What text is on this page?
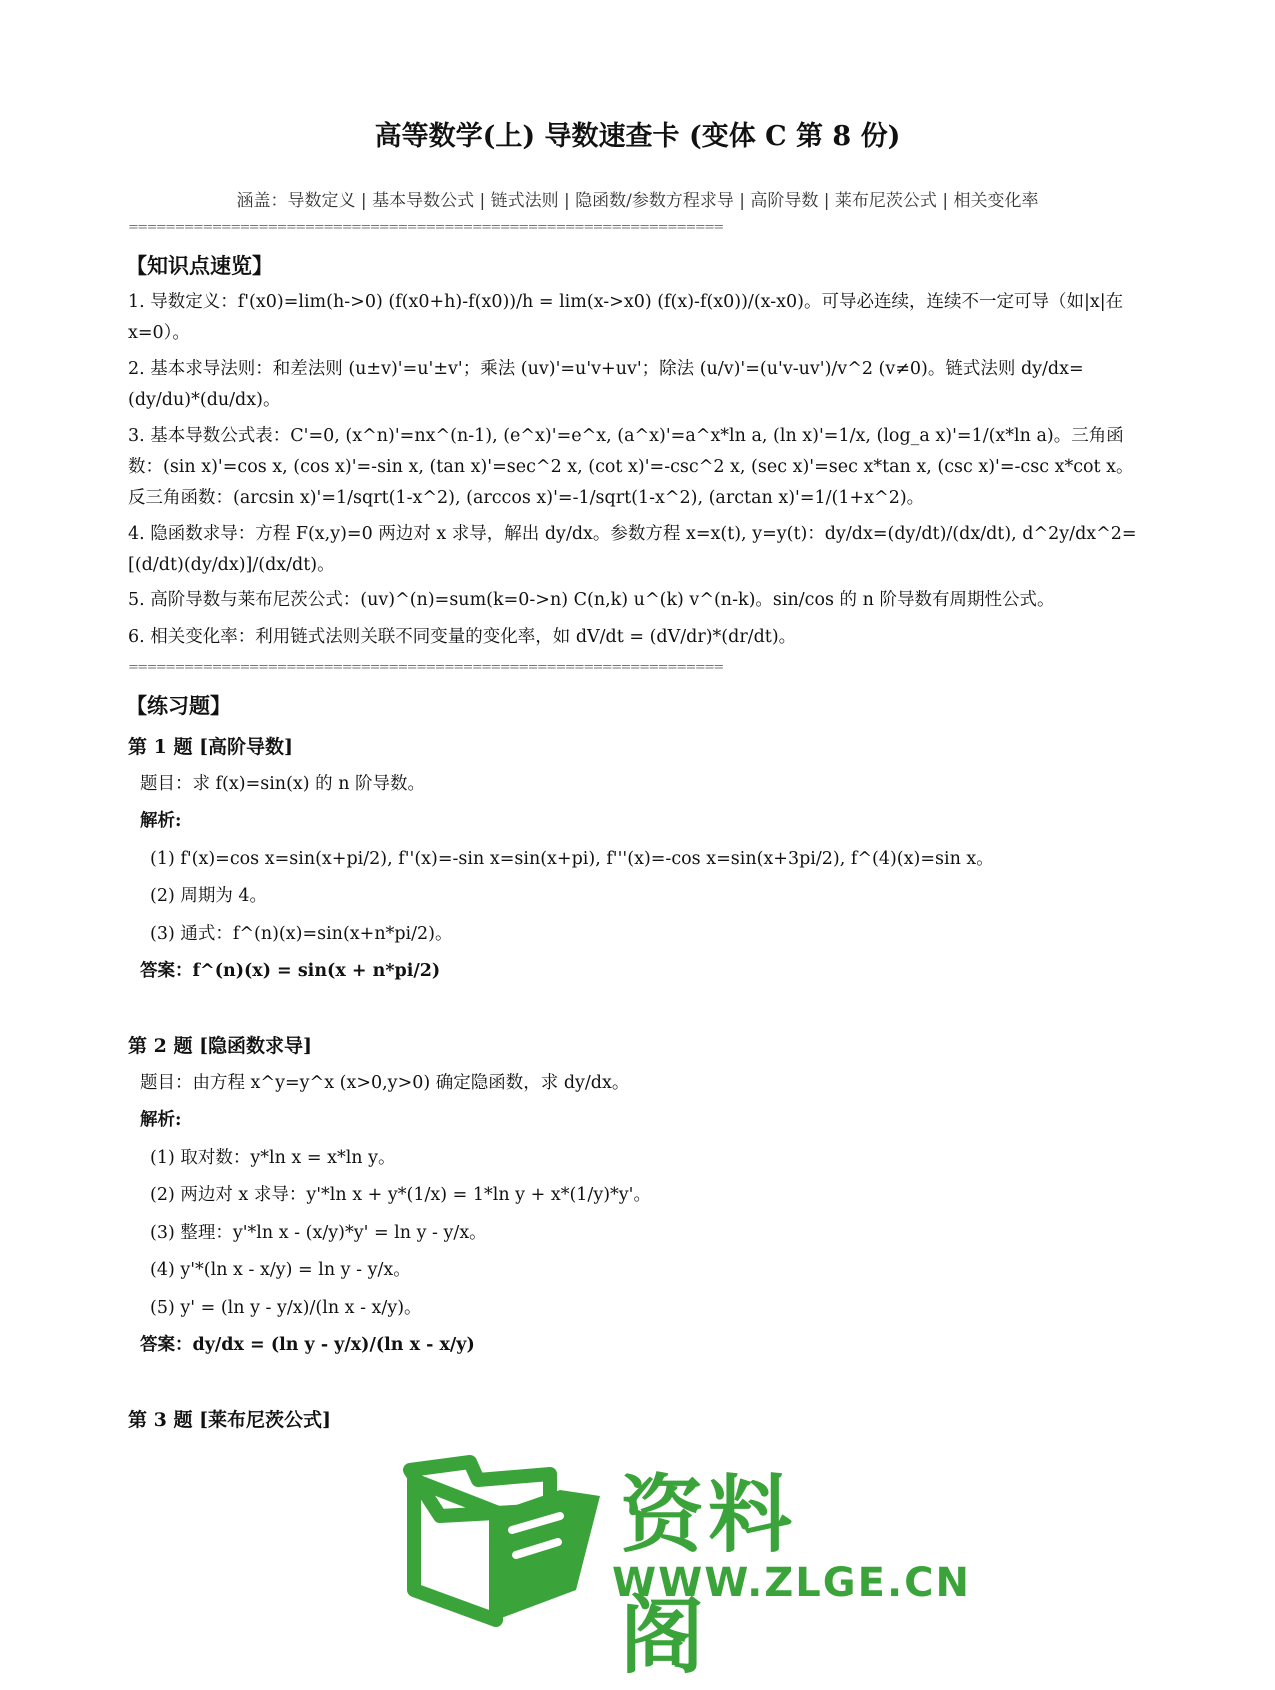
高等数学(上) 导数速查卡 (变体 C 第 8 份)

涵盖：导数定义 | 基本导数公式 | 链式法则 | 隐函数/参数方程求导 | 高阶导数 | 莱布尼茨公式 | 相关变化率

================================================================
【知识点速览】

1. 导数定义：f'(x0)=lim(h->0) (f(x0+h)-f(x0))/h = lim(x->x0) (f(x)-f(x0))/(x-x0)。可导必连续，连续不一定可导（如|x|在 x=0）。

2. 基本求导法则：和差法则 (u±v)'=u'±v'；乘法 (uv)'=u'v+uv'；除法 (u/v)'=(u'v-uv')/v^2 (v≠0)。链式法则 dy/dx=(dy/du)*(du/dx)。

3. 基本导数公式表：C'=0, (x^n)'=nx^(n-1), (e^x)'=e^x, (a^x)'=a^x*ln a, (ln x)'=1/x, (log_a x)'=1/(x*ln a)。三角函数：(sin x)'=cos x, (cos x)'=-sin x, (tan x)'=sec^2 x, (cot x)'=-csc^2 x, (sec x)'=sec x*tan x, (csc x)'=-csc x*cot x。反三角函数：(arcsin x)'=1/sqrt(1-x^2), (arccos x)'=-1/sqrt(1-x^2), (arctan x)'=1/(1+x^2)。

4. 隐函数求导：方程 F(x,y)=0 两边对 x 求导，解出 dy/dx。参数方程 x=x(t), y=y(t)：dy/dx=(dy/dt)/(dx/dt), d^2y/dx^2=[(d/dt)(dy/dx)]/(dx/dt)。

5. 高阶导数与莱布尼茨公式：(uv)^(n)=sum(k=0->n) C(n,k) u^(k) v^(n-k)。sin/cos 的 n 阶导数有周期性公式。

6. 相关变化率：利用链式法则关联不同变量的变化率，如 dV/dt = (dV/dr)*(dr/dt)。

================================================================
【练习题】
第 1 题 [高阶导数]

题目：求 f(x)=sin(x) 的 n 阶导数。

解析:

(1) f'(x)=cos x=sin(x+pi/2), f''(x)=-sin x=sin(x+pi), f'''(x)=-cos x=sin(x+3pi/2), f^(4)(x)=sin x。

(2) 周期为 4。

(3) 通式：f^(n)(x)=sin(x+n*pi/2)。

答案：f^(n)(x) = sin(x + n*pi/2)

第 2 题 [隐函数求导]

题目：由方程 x^y=y^x (x>0,y>0) 确定隐函数，求 dy/dx。

解析:

(1) 取对数：y*ln x = x*ln y。

(2) 两边对 x 求导：y'*ln x + y*(1/x) = 1*ln y + x*(1/y)*y'。

(3) 整理：y'*ln x - (x/y)*y' = ln y - y/x。

(4) y'*(ln x - x/y) = ln y - y/x。

(5) y' = (ln y - y/x)/(ln x - x/y)。

答案：dy/dx = (ln y - y/x)/(ln x - x/y)

第 3 题 [莱布尼茨公式]
资料阁
WWW.ZLGE.CN
